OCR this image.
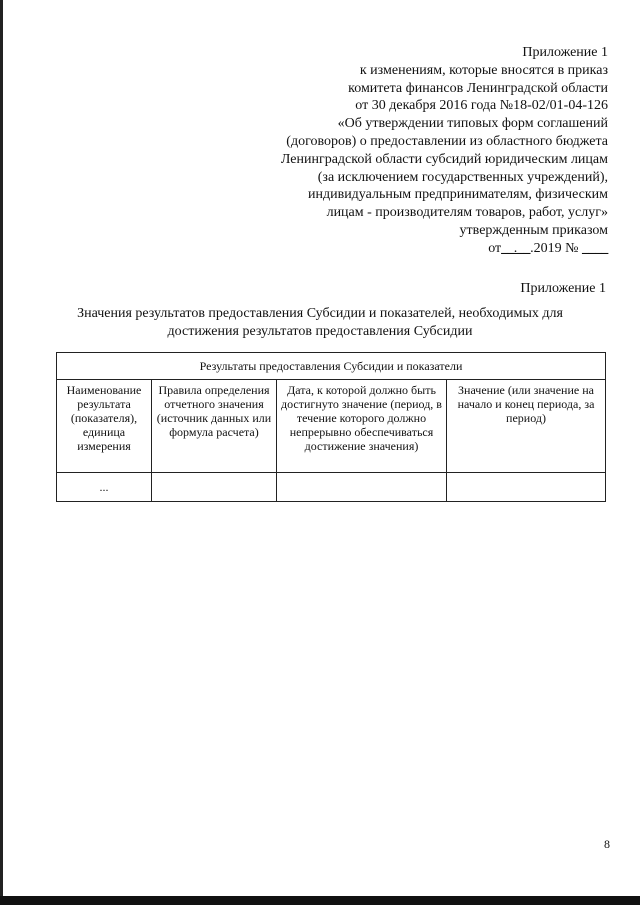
Приложение 1
к изменениям, которые вносятся в приказ
комитета финансов Ленинградской области
от 30 декабря 2016 года №18-02/01-04-126
«Об утверждении типовых форм соглашений
(договоров) о предоставлении из областного бюджета
Ленинградской области субсидий юридическим лицам
(за исключением государственных учреждений),
индивидуальным предпринимателям, физическим
лицам - производителям товаров, работ, услуг»
утвержденным приказом
от__.__.2019 № ____
Приложение 1
Значения результатов предоставления Субсидии и показателей, необходимых для достижения результатов предоставления Субсидии
Результаты предоставления Субсидии и показатели			
Наименование результата (показателя), единица измерения	Правила определения отчетного значения (источник данных или формула расчета)	Дата, к которой должно быть достигнуто значение (период, в течение которого должно непрерывно обеспечиваться достижение значения)	Значение (или значение на начало и конец периода, за период)
...			
8
